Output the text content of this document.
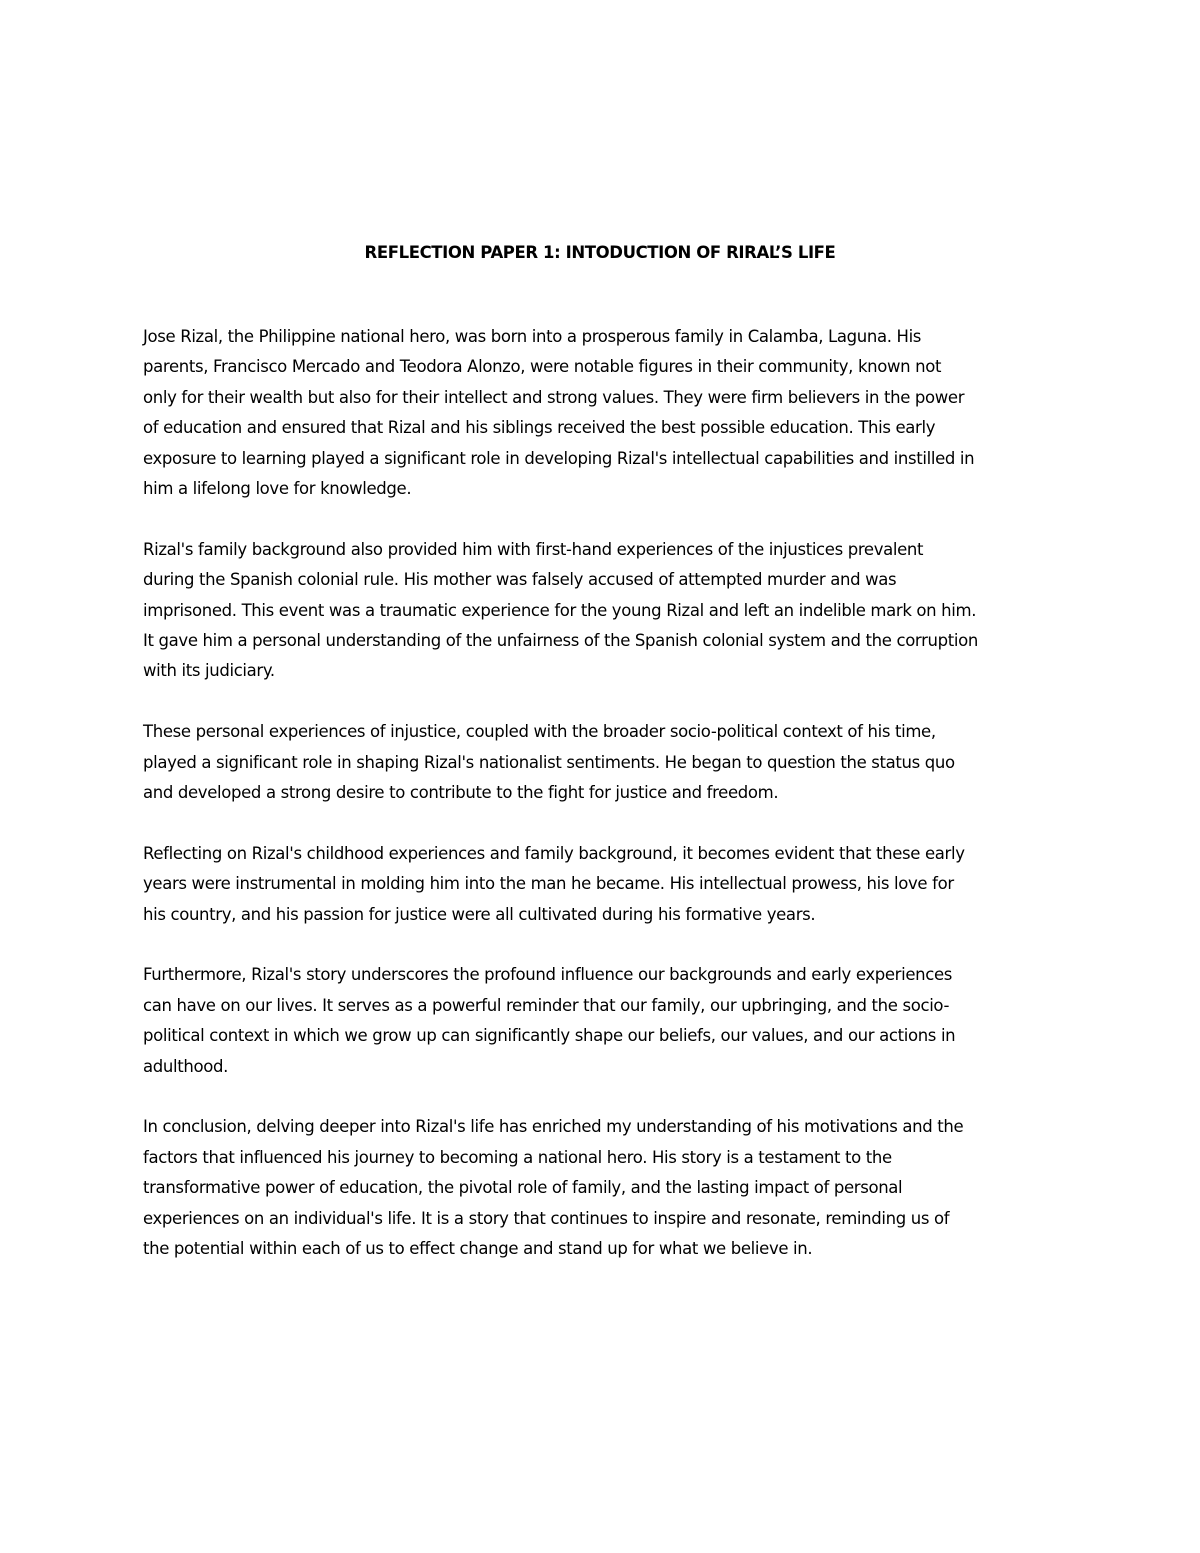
REFLECTION PAPER 1: INTODUCTION OF RIRAL’S LIFE

Jose Rizal, the Philippine national hero, was born into a prosperous family in Calamba, Laguna. His
parents, Francisco Mercado and Teodora Alonzo, were notable figures in their community, known not
only for their wealth but also for their intellect and strong values. They were firm believers in the power
of education and ensured that Rizal and his siblings received the best possible education. This early
exposure to learning played a significant role in developing Rizal's intellectual capabilities and instilled in
him a lifelong love for knowledge.

Rizal's family background also provided him with first-hand experiences of the injustices prevalent
during the Spanish colonial rule. His mother was falsely accused of attempted murder and was
imprisoned. This event was a traumatic experience for the young Rizal and left an indelible mark on him.
It gave him a personal understanding of the unfairness of the Spanish colonial system and the corruption
with its judiciary.

These personal experiences of injustice, coupled with the broader socio-political context of his time,
played a significant role in shaping Rizal's nationalist sentiments. He began to question the status quo
and developed a strong desire to contribute to the fight for justice and freedom.

Reflecting on Rizal's childhood experiences and family background, it becomes evident that these early
years were instrumental in molding him into the man he became. His intellectual prowess, his love for
his country, and his passion for justice were all cultivated during his formative years.

Furthermore, Rizal's story underscores the profound influence our backgrounds and early experiences
can have on our lives. It serves as a powerful reminder that our family, our upbringing, and the socio-
political context in which we grow up can significantly shape our beliefs, our values, and our actions in
adulthood.

In conclusion, delving deeper into Rizal's life has enriched my understanding of his motivations and the
factors that influenced his journey to becoming a national hero. His story is a testament to the
transformative power of education, the pivotal role of family, and the lasting impact of personal
experiences on an individual's life. It is a story that continues to inspire and resonate, reminding us of
the potential within each of us to effect change and stand up for what we believe in.
